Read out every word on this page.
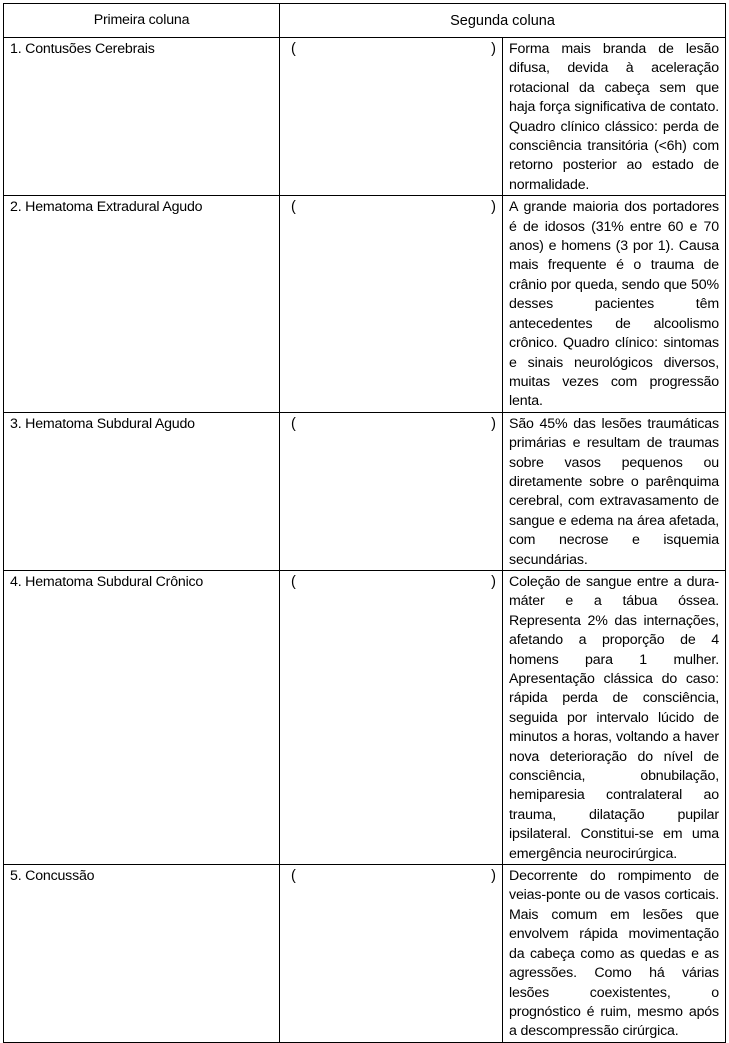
Primeira coluna	Segunda coluna	
1. Contusões Cerebrais	( )	Forma mais branda de lesão difusa, devida à aceleração rotacional da cabeça sem que haja força significativa de contato. Quadro clínico clássico: perda de consciência transitória (<6h) com retorno posterior ao estado de normalidade.
2. Hematoma Extradural Agudo	( )	A grande maioria dos portadores é de idosos (31% entre 60 e 70 anos) e homens (3 por 1). Causa mais frequente é o trauma de crânio por queda, sendo que 50% desses pacientes têm antecedentes de alcoolismo crônico. Quadro clínico: sintomas e sinais neurológicos diversos, muitas vezes com progressão lenta.
3. Hematoma Subdural Agudo	( )	São 45% das lesões traumáticas primárias e resultam de traumas sobre vasos pequenos ou diretamente sobre o parênquima cerebral, com extravasamento de sangue e edema na área afetada, com necrose e isquemia secundárias.
4. Hematoma Subdural Crônico	( )	Coleção de sangue entre a dura-máter e a tábua óssea. Representa 2% das internações, afetando a proporção de 4 homens para 1 mulher. Apresentação clássica do caso: rápida perda de consciência, seguida por intervalo lúcido de minutos a horas, voltando a haver nova deterioração do nível de consciência, obnubilação, hemiparesia contralateral ao trauma, dilatação pupilar ipsilateral. Constitui-se em uma emergência neurocirúrgica.
5. Concussão	( )	Decorrente do rompimento de veias-ponte ou de vasos corticais. Mais comum em lesões que envolvem rápida movimentação da cabeça como as quedas e as agressões. Como há várias lesões coexistentes, o prognóstico é ruim, mesmo após a descompressão cirúrgica.
